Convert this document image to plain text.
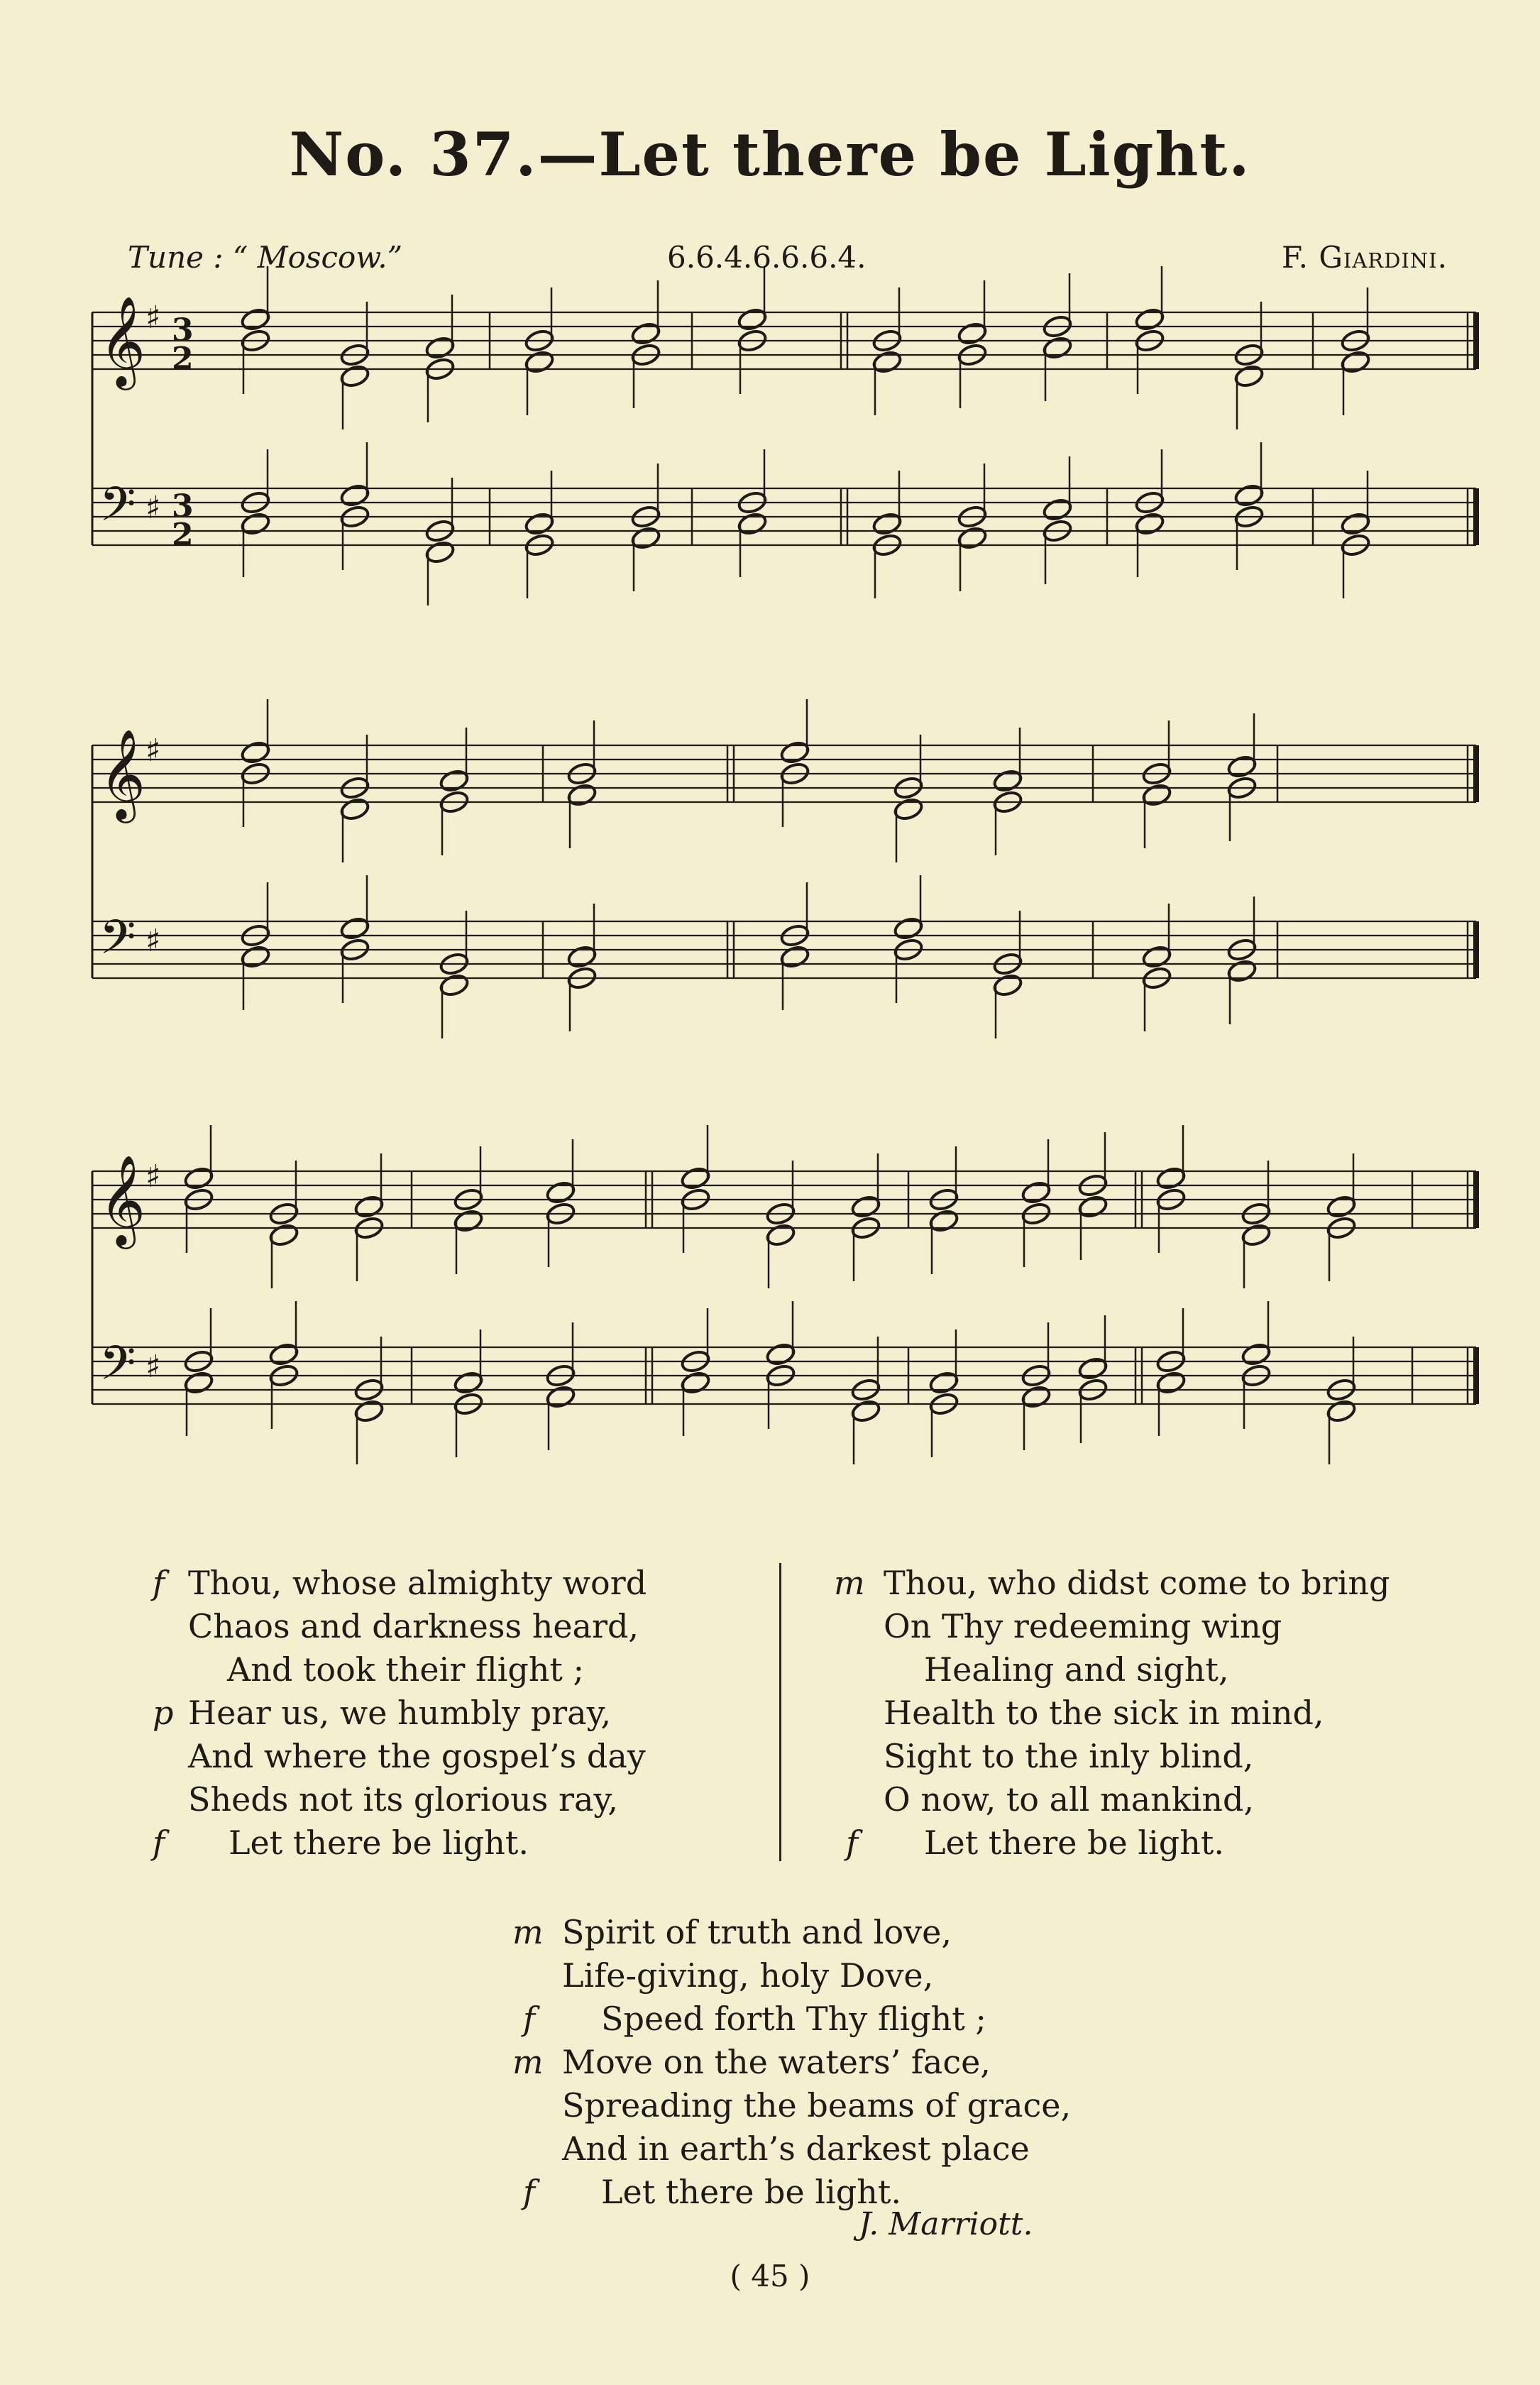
No. 37.—Let there be Light.
Tune : “ Moscow.”	6.6.4.6.6.6.4.	F. Giardini.
𝄞 ♯ 3
2
𝄢 ♯ 3
2
𝄞 ♯
𝄢 ♯
𝄞 ♯
𝄢 ♯
f Thou, whose almighty word
Chaos and darkness heard,
And took their flight ;
p Hear us, we humbly pray,
And where the gospel’s day
Sheds not its glorious ray,
f Let there be light.
m Thou, who didst come to bring
On Thy redeeming wing
Healing and sight,
Health to the sick in mind,
Sight to the inly blind,
O now, to all mankind,
f Let there be light.
m Spirit of truth and love,
Life-giving, holy Dove,
f Speed forth Thy flight ;
m Move on the waters’ face,
Spreading the beams of grace,
And in earth’s darkest place
f Let there be light.
J. Marriott.
( 45 )
